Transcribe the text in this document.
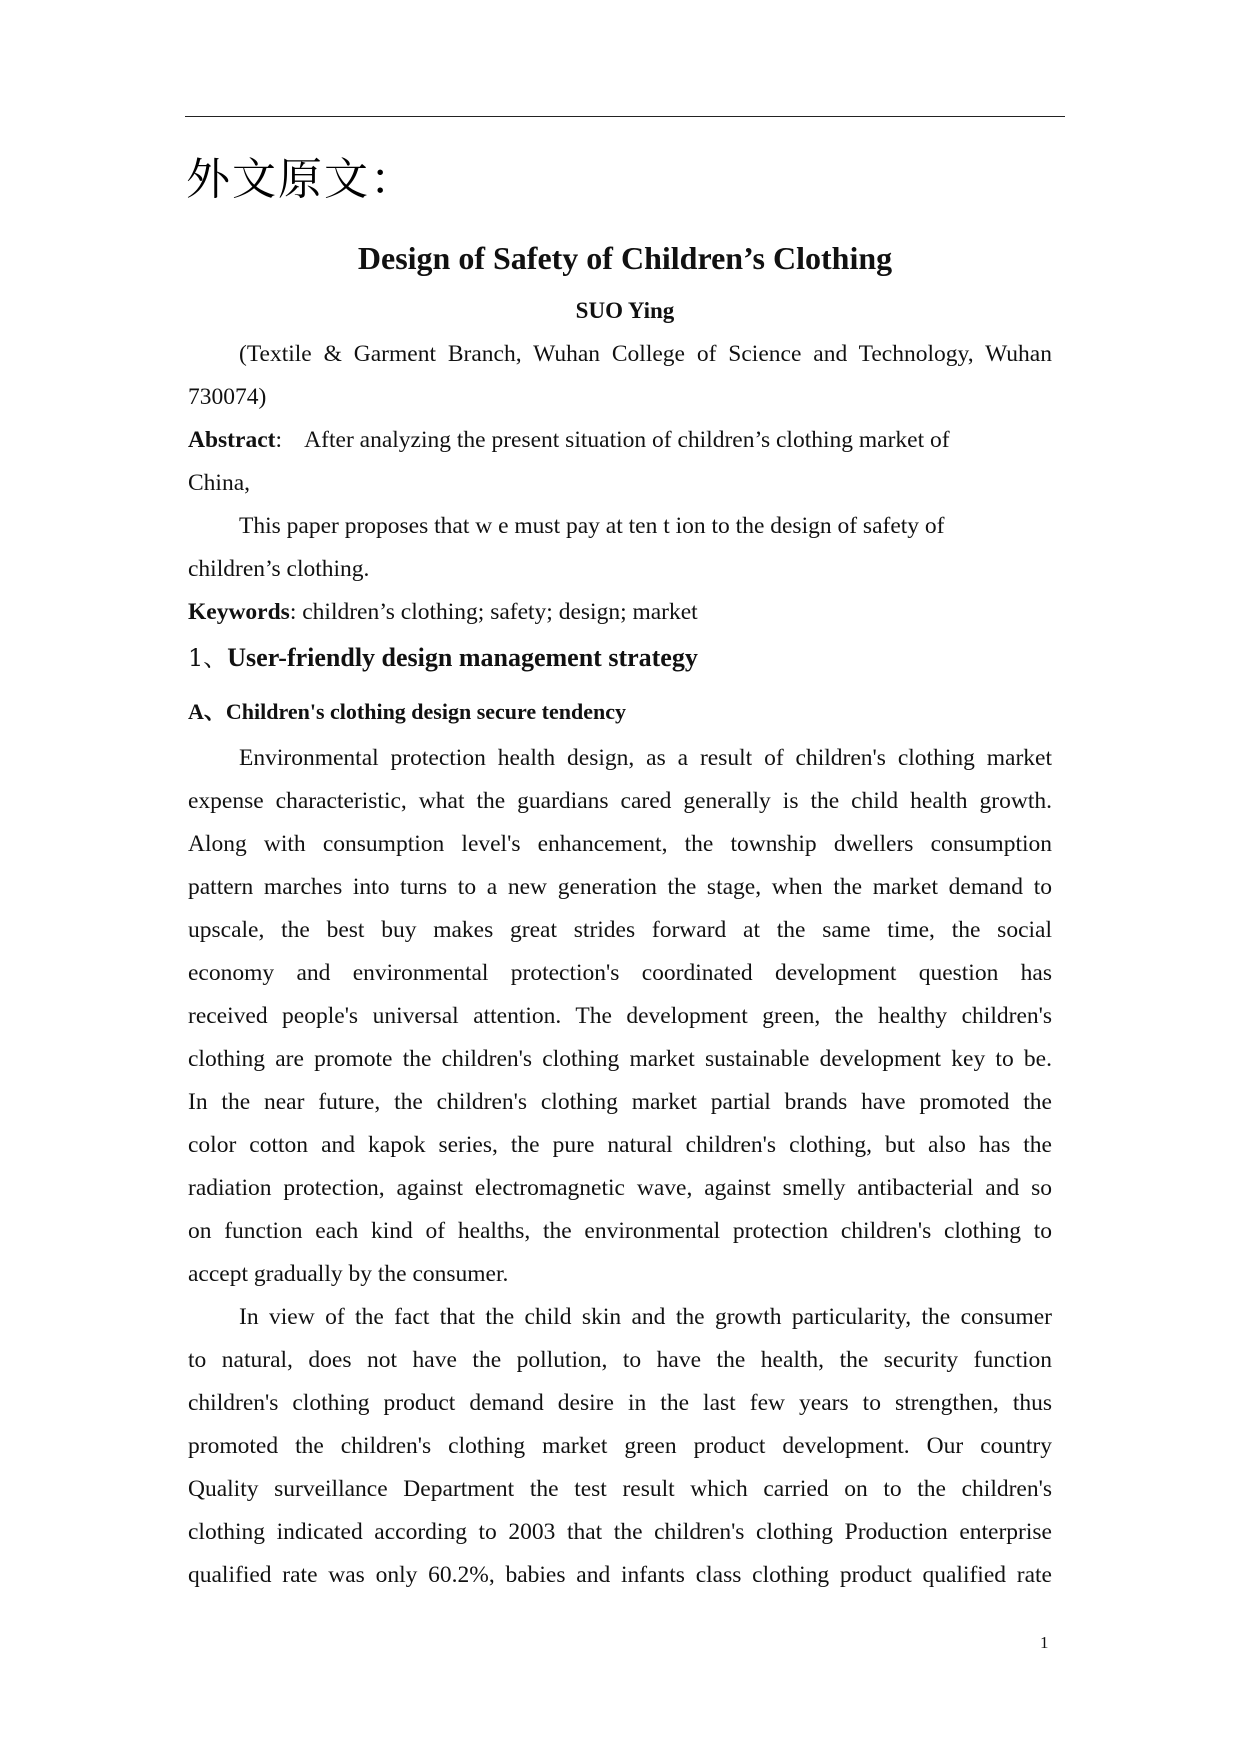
外文原文：
Design of Safety of Children’s Clothing
SUO Ying
(Textile & Garment Branch, Wuhan College of Science and Technology, Wuhan
730074)
Abstract:    After analyzing the present situation of children’s clothing market of
China,
This paper proposes that w e must pay at ten t ion to the design of safety of
children’s clothing.
Keywords: children’s clothing; safety; design; market
1、User-friendly design management strategy
A、Children's clothing design secure tendency
Environmental protection health design, as a result of children's clothing market
expense characteristic, what the guardians cared generally is the child health growth.
Along with consumption level's enhancement, the township dwellers consumption
pattern marches into turns to a new generation the stage, when the market demand to
upscale, the best buy makes great strides forward at the same time, the social
economy and environmental protection's coordinated development question has
received people's universal attention. The development green, the healthy children's
clothing are promote the children's clothing market sustainable development key to be.
In the near future, the children's clothing market partial brands have promoted the
color cotton and kapok series, the pure natural children's clothing, but also has the
radiation protection, against electromagnetic wave, against smelly antibacterial and so
on function each kind of healths, the environmental protection children's clothing to
accept gradually by the consumer.
In view of the fact that the child skin and the growth particularity, the consumer
to natural, does not have the pollution, to have the health, the security function
children's clothing product demand desire in the last few years to strengthen, thus
promoted the children's clothing market green product development. Our country
Quality surveillance Department the test result which carried on to the children's
clothing indicated according to 2003 that the children's clothing Production enterprise
qualified rate was only 60.2%, babies and infants class clothing product qualified rate
1
